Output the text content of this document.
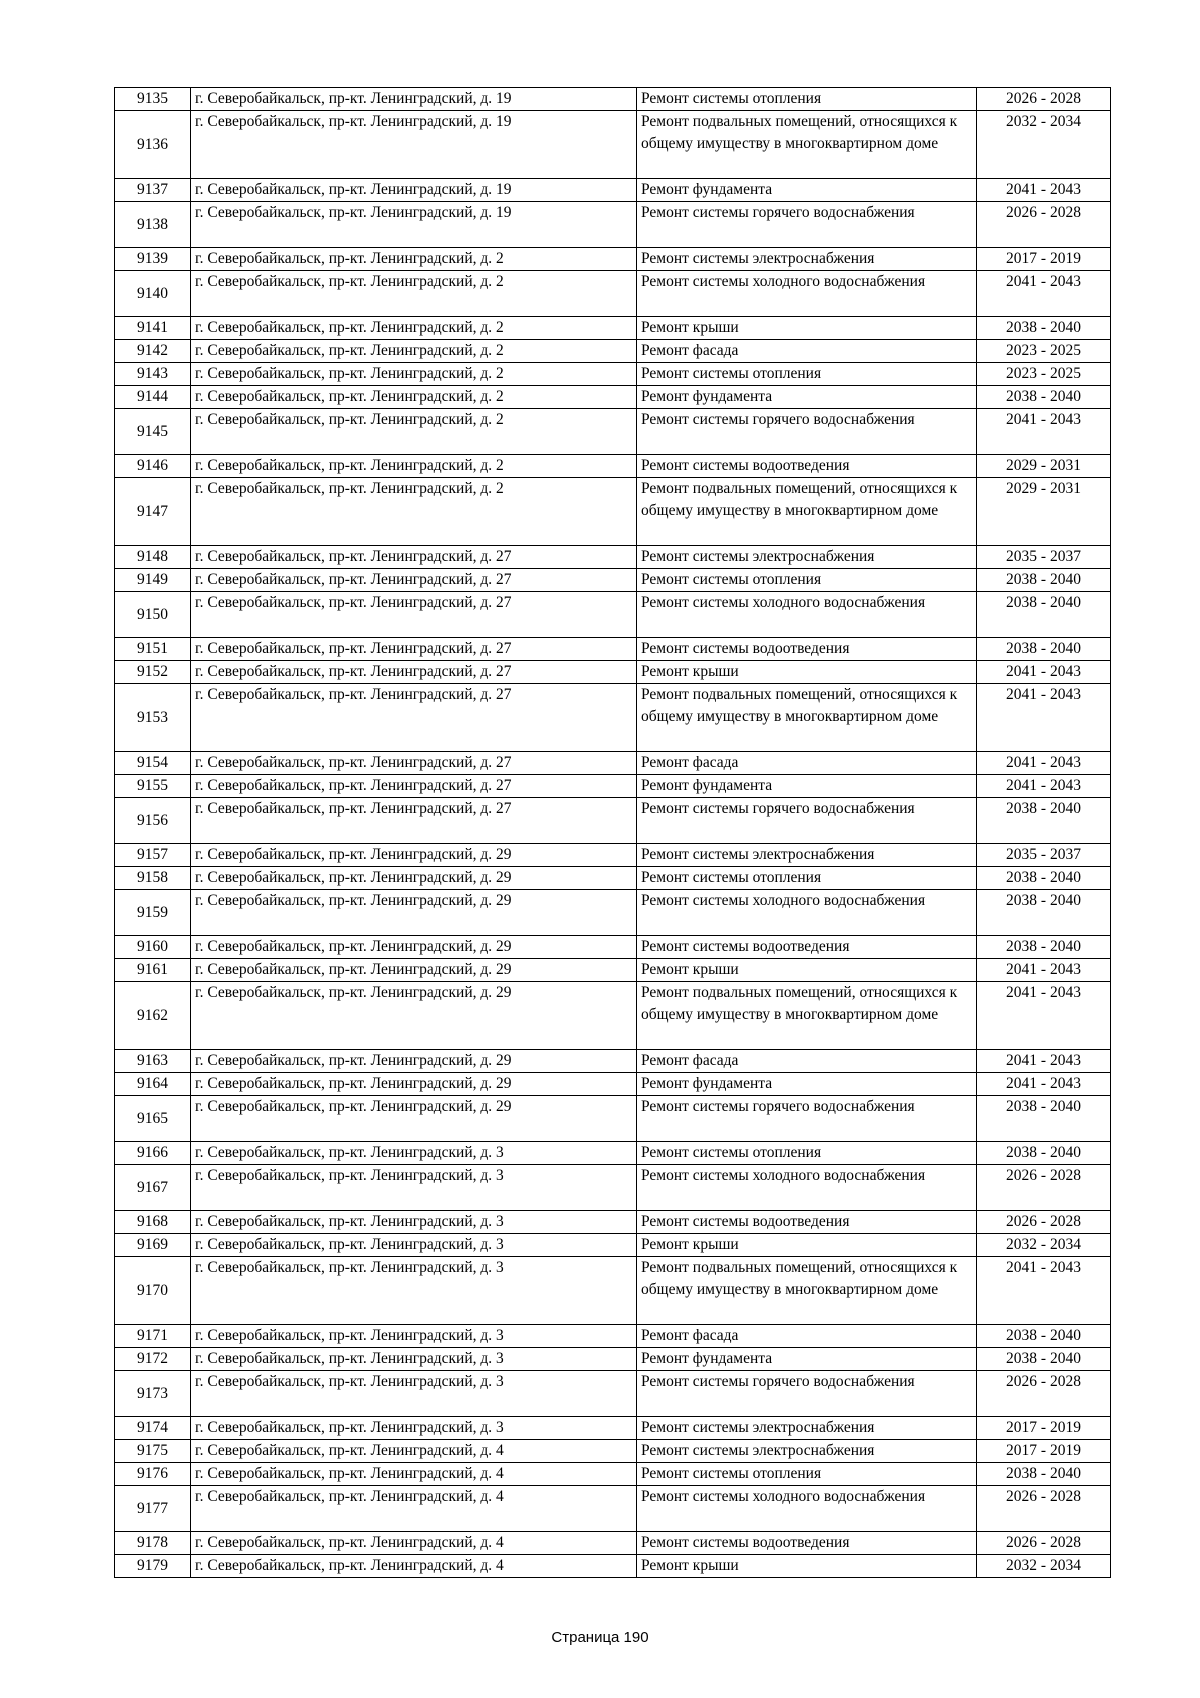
9135	г. Северобайкальск, пр-кт. Ленинградский, д. 19	Ремонт системы отопления	2026 - 2028
9136	г. Северобайкальск, пр-кт. Ленинградский, д. 19	Ремонт подвальных помещений, относящихся к общему имуществу в многоквартирном доме	2032 - 2034
9137	г. Северобайкальск, пр-кт. Ленинградский, д. 19	Ремонт фундамента	2041 - 2043
9138	г. Северобайкальск, пр-кт. Ленинградский, д. 19	Ремонт системы горячего водоснабжения	2026 - 2028
9139	г. Северобайкальск, пр-кт. Ленинградский, д. 2	Ремонт системы электроснабжения	2017 - 2019
9140	г. Северобайкальск, пр-кт. Ленинградский, д. 2	Ремонт системы холодного водоснабжения	2041 - 2043
9141	г. Северобайкальск, пр-кт. Ленинградский, д. 2	Ремонт крыши	2038 - 2040
9142	г. Северобайкальск, пр-кт. Ленинградский, д. 2	Ремонт фасада	2023 - 2025
9143	г. Северобайкальск, пр-кт. Ленинградский, д. 2	Ремонт системы отопления	2023 - 2025
9144	г. Северобайкальск, пр-кт. Ленинградский, д. 2	Ремонт фундамента	2038 - 2040
9145	г. Северобайкальск, пр-кт. Ленинградский, д. 2	Ремонт системы горячего водоснабжения	2041 - 2043
9146	г. Северобайкальск, пр-кт. Ленинградский, д. 2	Ремонт системы водоотведения	2029 - 2031
9147	г. Северобайкальск, пр-кт. Ленинградский, д. 2	Ремонт подвальных помещений, относящихся к общему имуществу в многоквартирном доме	2029 - 2031
9148	г. Северобайкальск, пр-кт. Ленинградский, д. 27	Ремонт системы электроснабжения	2035 - 2037
9149	г. Северобайкальск, пр-кт. Ленинградский, д. 27	Ремонт системы отопления	2038 - 2040
9150	г. Северобайкальск, пр-кт. Ленинградский, д. 27	Ремонт системы холодного водоснабжения	2038 - 2040
9151	г. Северобайкальск, пр-кт. Ленинградский, д. 27	Ремонт системы водоотведения	2038 - 2040
9152	г. Северобайкальск, пр-кт. Ленинградский, д. 27	Ремонт крыши	2041 - 2043
9153	г. Северобайкальск, пр-кт. Ленинградский, д. 27	Ремонт подвальных помещений, относящихся к общему имуществу в многоквартирном доме	2041 - 2043
9154	г. Северобайкальск, пр-кт. Ленинградский, д. 27	Ремонт фасада	2041 - 2043
9155	г. Северобайкальск, пр-кт. Ленинградский, д. 27	Ремонт фундамента	2041 - 2043
9156	г. Северобайкальск, пр-кт. Ленинградский, д. 27	Ремонт системы горячего водоснабжения	2038 - 2040
9157	г. Северобайкальск, пр-кт. Ленинградский, д. 29	Ремонт системы электроснабжения	2035 - 2037
9158	г. Северобайкальск, пр-кт. Ленинградский, д. 29	Ремонт системы отопления	2038 - 2040
9159	г. Северобайкальск, пр-кт. Ленинградский, д. 29	Ремонт системы холодного водоснабжения	2038 - 2040
9160	г. Северобайкальск, пр-кт. Ленинградский, д. 29	Ремонт системы водоотведения	2038 - 2040
9161	г. Северобайкальск, пр-кт. Ленинградский, д. 29	Ремонт крыши	2041 - 2043
9162	г. Северобайкальск, пр-кт. Ленинградский, д. 29	Ремонт подвальных помещений, относящихся к общему имуществу в многоквартирном доме	2041 - 2043
9163	г. Северобайкальск, пр-кт. Ленинградский, д. 29	Ремонт фасада	2041 - 2043
9164	г. Северобайкальск, пр-кт. Ленинградский, д. 29	Ремонт фундамента	2041 - 2043
9165	г. Северобайкальск, пр-кт. Ленинградский, д. 29	Ремонт системы горячего водоснабжения	2038 - 2040
9166	г. Северобайкальск, пр-кт. Ленинградский, д. 3	Ремонт системы отопления	2038 - 2040
9167	г. Северобайкальск, пр-кт. Ленинградский, д. 3	Ремонт системы холодного водоснабжения	2026 - 2028
9168	г. Северобайкальск, пр-кт. Ленинградский, д. 3	Ремонт системы водоотведения	2026 - 2028
9169	г. Северобайкальск, пр-кт. Ленинградский, д. 3	Ремонт крыши	2032 - 2034
9170	г. Северобайкальск, пр-кт. Ленинградский, д. 3	Ремонт подвальных помещений, относящихся к общему имуществу в многоквартирном доме	2041 - 2043
9171	г. Северобайкальск, пр-кт. Ленинградский, д. 3	Ремонт фасада	2038 - 2040
9172	г. Северобайкальск, пр-кт. Ленинградский, д. 3	Ремонт фундамента	2038 - 2040
9173	г. Северобайкальск, пр-кт. Ленинградский, д. 3	Ремонт системы горячего водоснабжения	2026 - 2028
9174	г. Северобайкальск, пр-кт. Ленинградский, д. 3	Ремонт системы электроснабжения	2017 - 2019
9175	г. Северобайкальск, пр-кт. Ленинградский, д. 4	Ремонт системы электроснабжения	2017 - 2019
9176	г. Северобайкальск, пр-кт. Ленинградский, д. 4	Ремонт системы отопления	2038 - 2040
9177	г. Северобайкальск, пр-кт. Ленинградский, д. 4	Ремонт системы холодного водоснабжения	2026 - 2028
9178	г. Северобайкальск, пр-кт. Ленинградский, д. 4	Ремонт системы водоотведения	2026 - 2028
9179	г. Северобайкальск, пр-кт. Ленинградский, д. 4	Ремонт крыши	2032 - 2034
Страница 190
